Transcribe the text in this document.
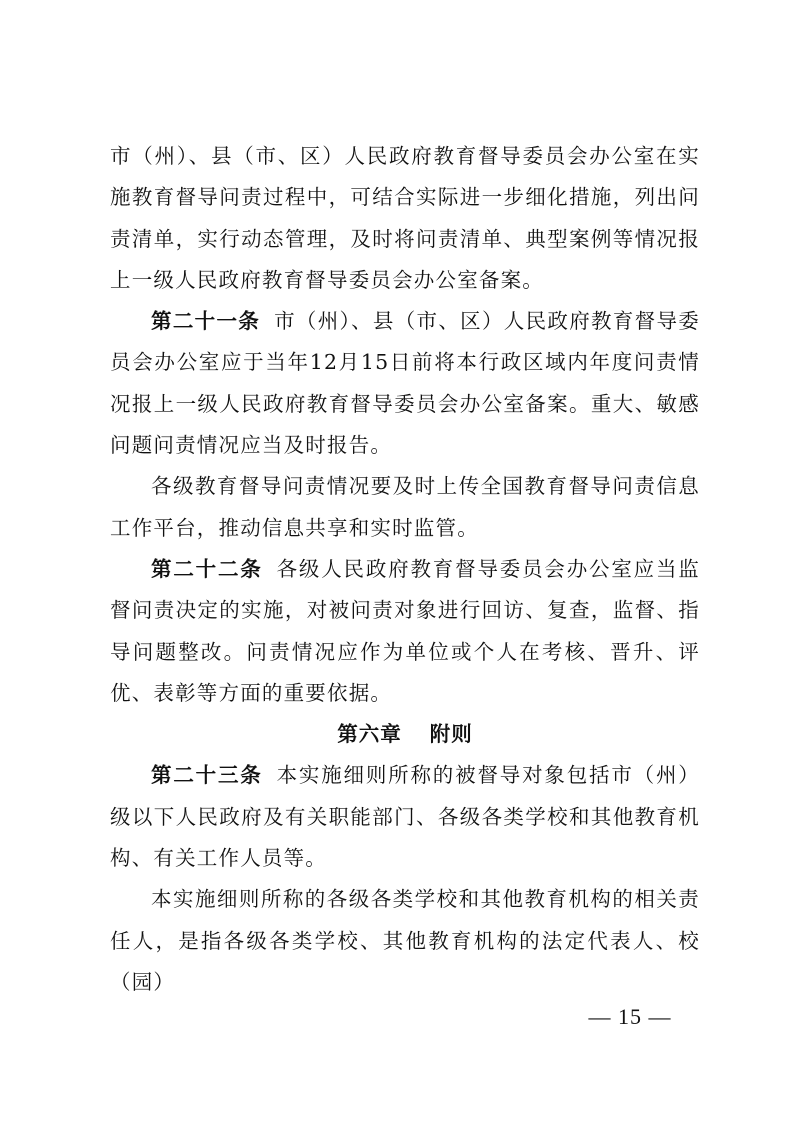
市（州）、县（市、区）人民政府教育督导委员会办公室在实施教育督导问责过程中，可结合实际进一步细化措施，列出问责清单，实行动态管理，及时将问责清单、典型案例等情况报上一级人民政府教育督导委员会办公室备案。

第二十一条 市（州）、县（市、区）人民政府教育督导委员会办公室应于当年12月15日前将本行政区域内年度问责情况报上一级人民政府教育督导委员会办公室备案。重大、敏感问题问责情况应当及时报告。

各级教育督导问责情况要及时上传全国教育督导问责信息工作平台，推动信息共享和实时监管。

第二十二条 各级人民政府教育督导委员会办公室应当监督问责决定的实施，对被问责对象进行回访、复查，监督、指导问题整改。问责情况应作为单位或个人在考核、晋升、评优、表彰等方面的重要依据。

第六章 附则

第二十三条 本实施细则所称的被督导对象包括市（州）级以下人民政府及有关职能部门、各级各类学校和其他教育机构、有关工作人员等。

本实施细则所称的各级各类学校和其他教育机构的相关责任人，是指各级各类学校、其他教育机构的法定代表人、校（园）

— 15 —
